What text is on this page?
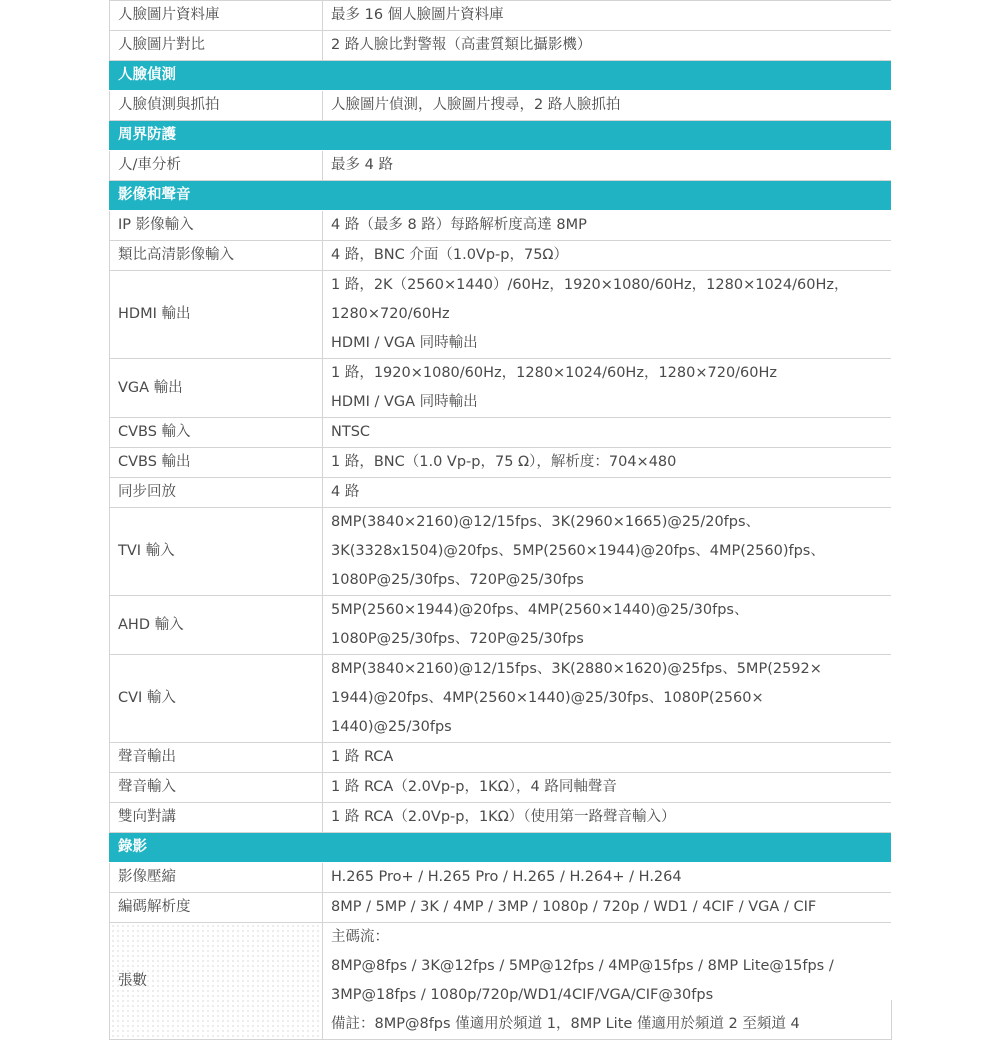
人臉圖片資料庫	最多 16 個人臉圖片資料庫

人臉圖片對比	2 路人臉比對警報（高畫質類比攝影機）

人臉偵測	
人臉偵測與抓拍	人臉圖片偵測，人臉圖片搜尋，2 路人臉抓拍

周界防護	
人/車分析	最多 4 路

影像和聲音	
IP 影像輸入	4 路（最多 8 路）每路解析度高達 8MP

類比高清影像輸入	4 路，BNC 介面（1.0Vp-p，75Ω）

HDMI 輸出	1 路，2K（2560×1440）/60Hz，1920×1080/60Hz，1280×1024/60Hz，
1280×720/60Hz
HDMI / VGA 同時輸出

VGA 輸出	1 路，1920×1080/60Hz，1280×1024/60Hz，1280×720/60Hz
HDMI / VGA 同時輸出

CVBS 輸入	NTSC

CVBS 輸出	1 路，BNC（1.0 Vp-p，75 Ω），解析度：704×480

同步回放	4 路

TVI 輸入	8MP(3840×2160)@12/15fps、3K(2960×1665)@25/20fps、
3K(3328x1504)@20fps、5MP(2560×1944)@20fps、4MP(2560)fps、
1080P@25/30fps、720P@25/30fps

AHD 輸入	5MP(2560×1944)@20fps、4MP(2560×1440)@25/30fps、
1080P@25/30fps、720P@25/30fps

CVI 輸入	8MP(3840×2160)@12/15fps、3K(2880×1620)@25fps、5MP(2592×
1944)@20fps、4MP(2560×1440)@25/30fps、1080P(2560×
1440)@25/30fps

聲音輸出	1 路 RCA

聲音輸入	1 路 RCA（2.0Vp-p，1KΩ），4 路同軸聲音

雙向對講	1 路 RCA（2.0Vp-p，1KΩ）（使用第一路聲音輸入）

錄影	
影像壓縮	H.265 Pro+ / H.265 Pro / H.265 / H.264+ / H.264

編碼解析度	8MP / 5MP / 3K / 4MP / 3MP / 1080p / 720p / WD1 / 4CIF / VGA / CIF

張數	主碼流：
8MP@8fps / 3K@12fps / 5MP@12fps / 4MP@15fps / 8MP Lite@15fps /
3MP@18fps / 1080p/720p/WD1/4CIF/VGA/CIF@30fps
備註：8MP@8fps 僅適用於頻道 1，8MP Lite 僅適用於頻道 2 至頻道 4
